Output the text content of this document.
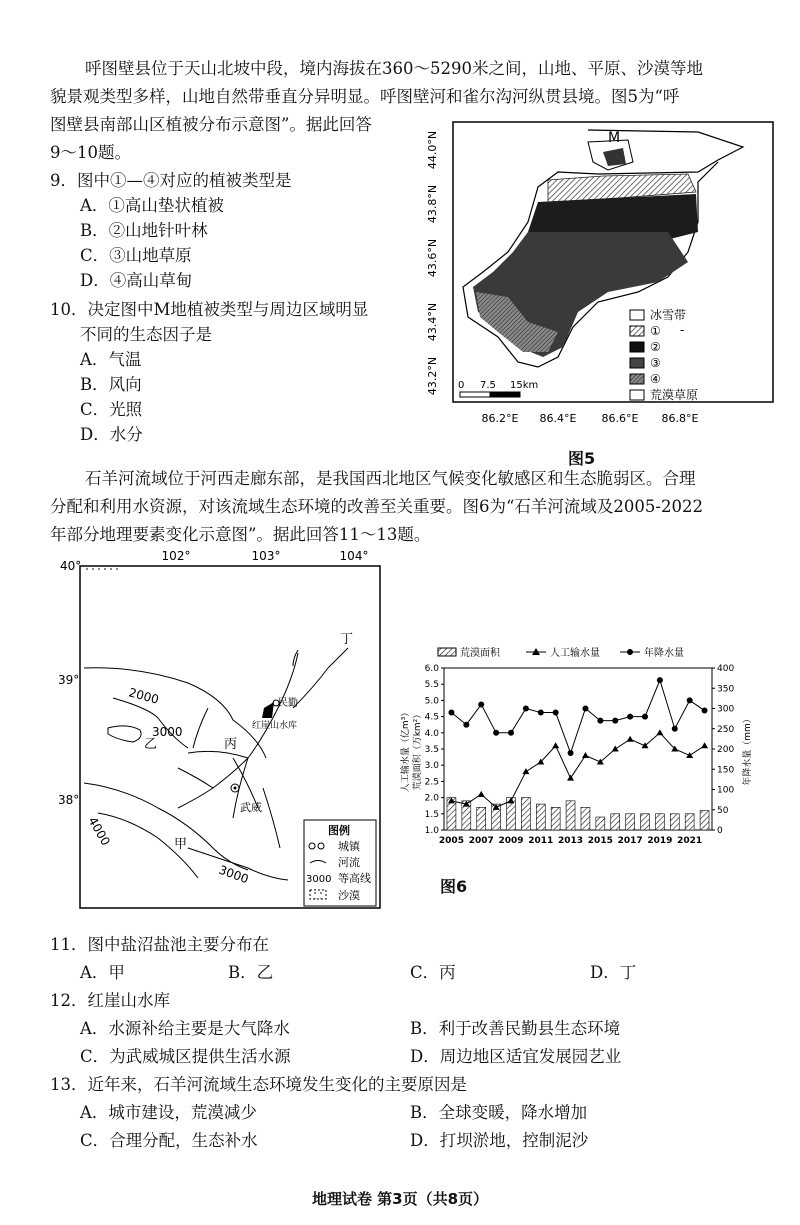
呼图壁县位于天山北坡中段，境内海拔在360～5290米之间，山地、平原、沙漠等地
貌景观类型多样，山地自然带垂直分异明显。呼图壁河和雀尔沟河纵贯县境。图5为“呼
图壁县南部山区植被分布示意图”。据此回答
9～10题。
9．图中①—④对应的植被类型是
A．①高山垫状植被
B．②山地针叶林
C．③山地草原
D．④高山草甸
10．决定图中M地植被类型与周边区域明显
不同的生态因子是
A．气温
B．风向
C．光照
D．水分
44.0°N
43.8°N
43.6°N
43.4°N
43.2°N
86.2°E 86.4°E 86.6°E 86.8°E
M
0 7.5 15km
冰雪带
-
①
②
③
④
荒漠草原
图5
石羊河流域位于河西走廊东部，是我国西北地区气候变化敏感区和生态脆弱区。合理
分配和利用水资源，对该流域生态环境的改善至关重要。图6为“石羊河流域及2005-2022
年部分地理要素变化示意图”。据此回答11～13题。
102°	103°	104°
40°
39°
38°
3000
4000
3000
2000
甲
乙	丙
丁
民勤
红崖山水库
武威
图例
城镇
河流
3000 等高线
沙漠
荒漠面积	人工输水量	年降水量
人工输水量（亿m³） 荒漠面积（万km²）	年降水量（mm）
1.0
1.5
2.0
2.5
3.0
3.5
4.0
4.5
5.0
5.5
6.0
0
50
100
150
200
250
300
350
400
2005 2007 2009 2011 2013 2015 2017 2019 2021
图6
11．图中盐沼盐池主要分布在
A．甲	B．乙	C．丙	D．丁
12．红崖山水库
A．水源补给主要是大气降水	B．利于改善民勤县生态环境
C．为武威城区提供生活水源	D．周边地区适宜发展园艺业
13．近年来，石羊河流域生态环境发生变化的主要原因是
A．城市建设，荒漠减少	B．全球变暖，降水增加
C．合理分配，生态补水	D．打坝淤地，控制泥沙
地理试卷 第3页（共8页）
